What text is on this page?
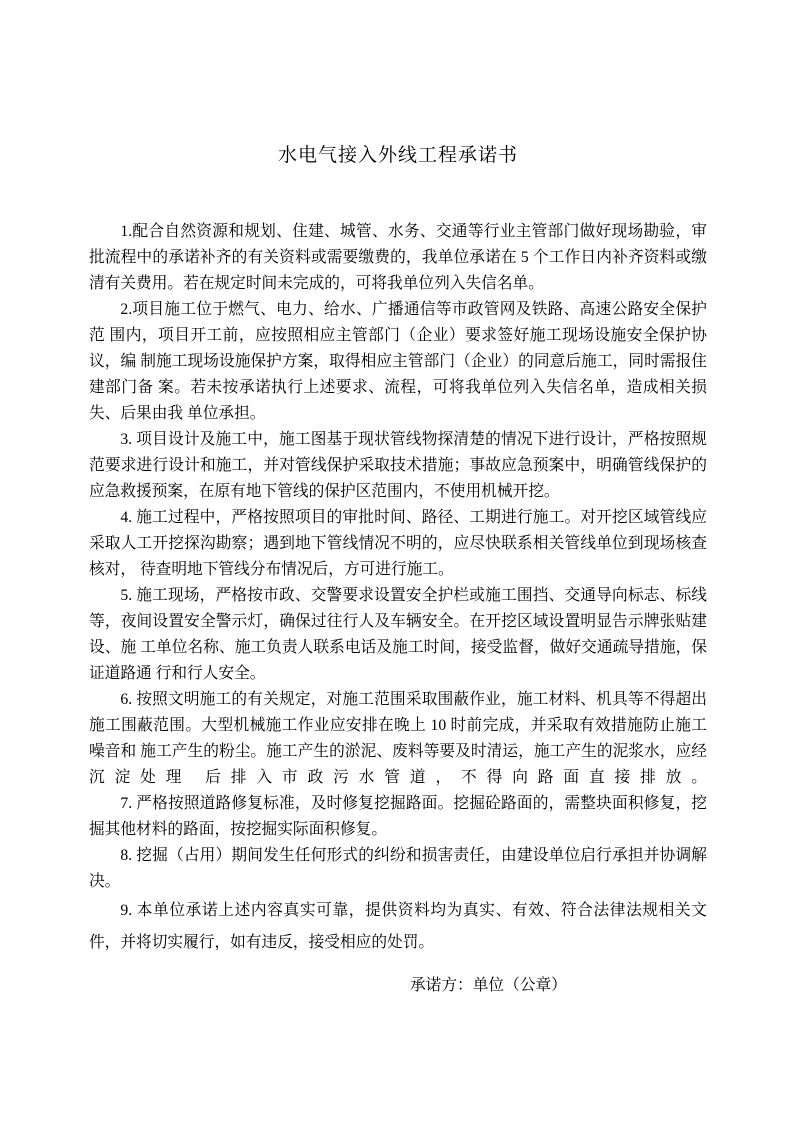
水电气接入外线工程承诺书

1.配合自然资源和规划、住建、城管、水务、交通等行业主管部门做好现场勘验，审批流程中的承诺补齐的有关资料或需要缴费的，我单位承诺在 5 个工作日内补齐资料或缴清有关费用。若在规定时间未完成的，可将我单位列入失信名单。

2.项目施工位于燃气、电力、给水、广播通信等市政管网及铁路、高速公路安全保护范 围内，项目开工前，应按照相应主管部门（企业）要求签好施工现场设施安全保护协议，编 制施工现场设施保护方案，取得相应主管部门（企业）的同意后施工，同时需报住建部门备 案。若未按承诺执行上述要求、流程，可将我单位列入失信名单，造成相关损失、后果由我 单位承担。

3. 项目设计及施工中，施工图基于现状管线物探清楚的情况下进行设计，严格按照规范要求进行设计和施工，并对管线保护采取技术措施；事故应急预案中，明确管线保护的应急救援预案，在原有地下管线的保护区范围内，不使用机械开挖。

4. 施工过程中，严格按照项目的审批时间、路径、工期进行施工。对开挖区域管线应采取人工开挖探沟勘察；遇到地下管线情况不明的，应尽快联系相关管线单位到现场核查核对， 待查明地下管线分布情况后，方可进行施工。

5. 施工现场，严格按市政、交警要求设置安全护栏或施工围挡、交通导向标志、标线等，夜间设置安全警示灯，确保过往行人及车辆安全。在开挖区域设置明显告示牌张贴建设、施 工单位名称、施工负责人联系电话及施工时间，接受监督，做好交通疏导措施，保证道路通 行和行人安全。

6. 按照文明施工的有关规定，对施工范围采取围蔽作业，施工材料、机具等不得超出施工围蔽范围。大型机械施工作业应安排在晚上 10 时前完成，并采取有效措施防止施工噪音和 施工产生的粉尘。施工产生的淤泥、废料等要及时清运，施工产生的泥浆水，应经沉淀处理 后排入市政污水管道，不得向路面直接排放。

7. 严格按照道路修复标准，及时修复挖掘路面。挖掘砼路面的，需整块面积修复，挖掘其他材料的路面，按挖掘实际面积修复。

8. 挖掘（占用）期间发生任何形式的纠纷和损害责任，由建设单位启行承担并协调解决。

9. 本单位承诺上述内容真实可靠，提供资料均为真实、有效、符合法律法规相关文件，并将切实履行，如有违反，接受相应的处罚。

承诺方：单位（公章）
